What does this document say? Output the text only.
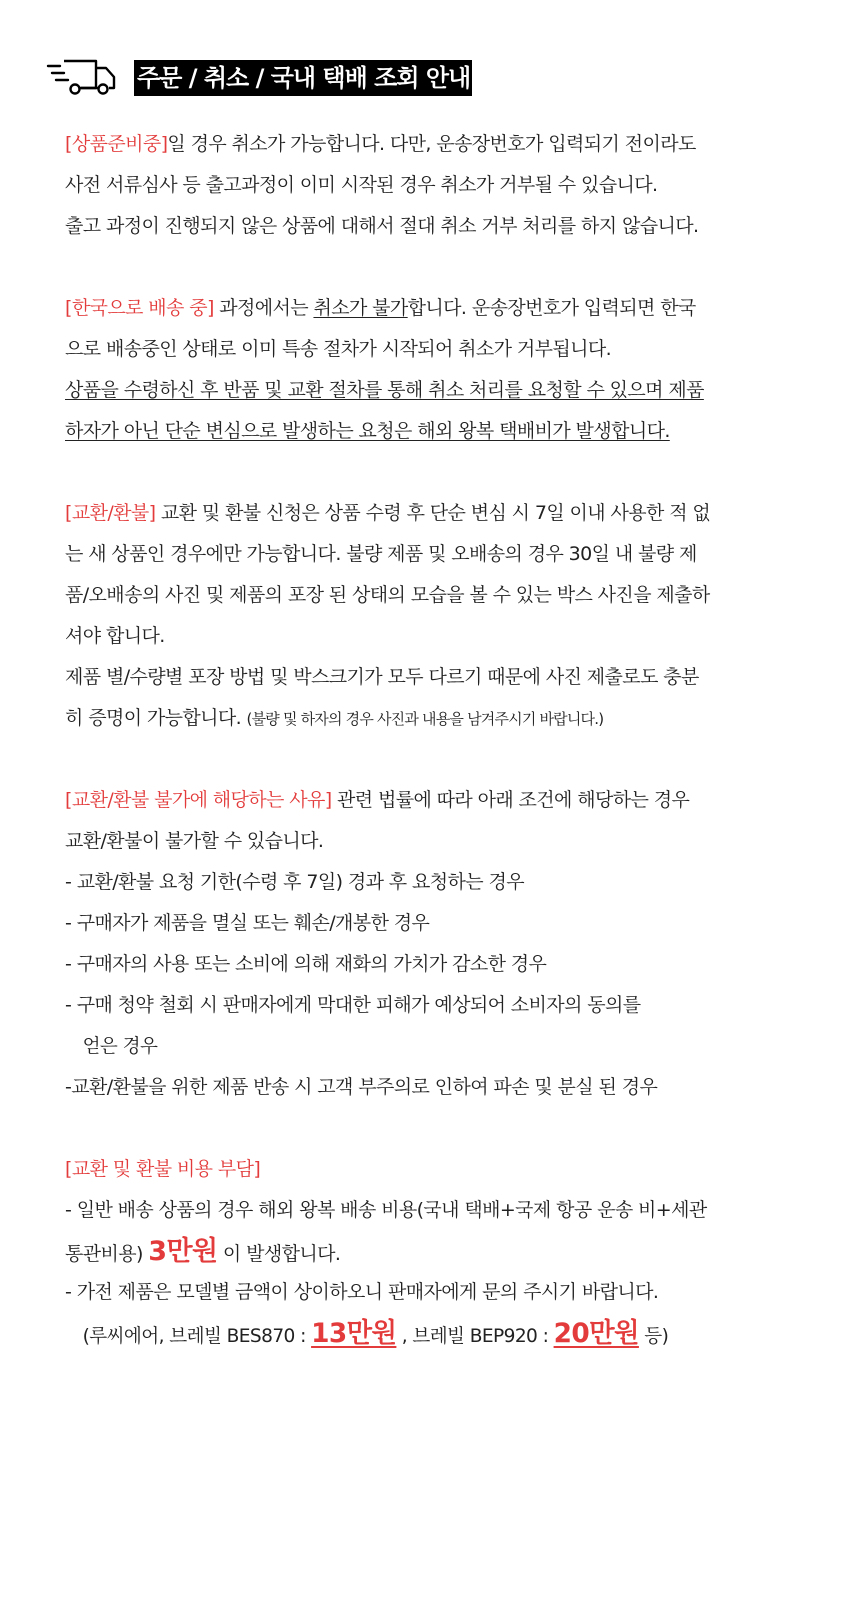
주문 / 취소 / 국내 택배 조회 안내
[상품준비중]일 경우 취소가 가능합니다. 다만, 운송장번호가 입력되기 전이라도
사전 서류심사 등 출고과정이 이미 시작된 경우 취소가 거부될 수 있습니다.
출고 과정이 진행되지 않은 상품에 대해서 절대 취소 거부 처리를 하지 않습니다.
[한국으로 배송 중] 과정에서는 취소가 불가합니다. 운송장번호가 입력되면 한국
으로 배송중인 상태로 이미 특송 절차가 시작되어 취소가 거부됩니다.
상품을 수령하신 후 반품 및 교환 절차를 통해 취소 처리를 요청할 수 있으며 제품
하자가 아닌 단순 변심으로 발생하는 요청은 해외 왕복 택배비가 발생합니다.
[교환/환불] 교환 및 환불 신청은 상품 수령 후 단순 변심 시 7일 이내 사용한 적 없
는 새 상품인 경우에만 가능합니다. 불량 제품 및 오배송의 경우 30일 내 불량 제
품/오배송의 사진 및 제품의 포장 된 상태의 모습을 볼 수 있는 박스 사진을 제출하
셔야 합니다.
제품 별/수량별 포장 방법 및 박스크기가 모두 다르기 때문에 사진 제출로도 충분
히 증명이 가능합니다. (불량 및 하자의 경우 사진과 내용을 남겨주시기 바랍니다.)
[교환/환불 불가에 해당하는 사유] 관련 법률에 따라 아래 조건에 해당하는 경우
교환/환불이 불가할 수 있습니다.
- 교환/환불 요청 기한(수령 후 7일) 경과 후 요청하는 경우
- 구매자가 제품을 멸실 또는 훼손/개봉한 경우
- 구매자의 사용 또는 소비에 의해 재화의 가치가 감소한 경우
- 구매 청약 철회 시 판매자에게 막대한 피해가 예상되어 소비자의 동의를
얻은 경우
-교환/환불을 위한 제품 반송 시 고객 부주의로 인하여 파손 및 분실 된 경우
[교환 및 환불 비용 부담]
- 일반 배송 상품의 경우 해외 왕복 배송 비용(국내 택배+국제 항공 운송 비+세관
통관비용) 3만원 이 발생합니다.
- 가전 제품은 모델별 금액이 상이하오니 판매자에게 문의 주시기 바랍니다.
(루씨에어, 브레빌 BES870 : 13만원 , 브레빌 BEP920 : 20만원 등)
